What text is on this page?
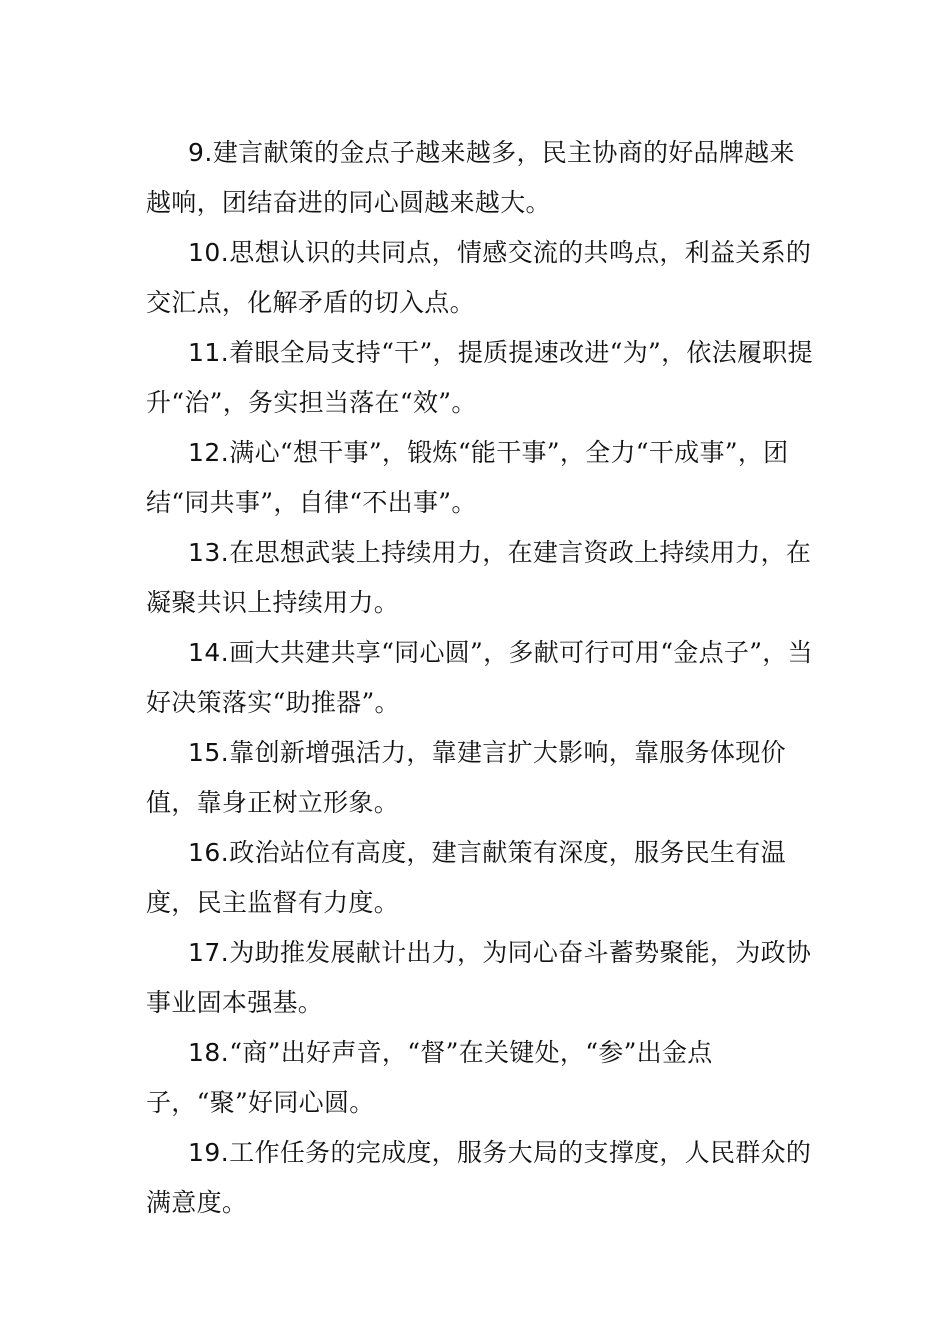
9.建言献策的金点子越来越多，民主协商的好品牌越来越响，团结奋进的同心圆越来越大。

10.思想认识的共同点，情感交流的共鸣点，利益关系的交汇点，化解矛盾的切入点。

11.着眼全局支持“干”，提质提速改进“为”，依法履职提升“治”，务实担当落在“效”。

12.满心“想干事”，锻炼“能干事”，全力“干成事”，团结“同共事”，自律“不出事”。

13.在思想武装上持续用力，在建言资政上持续用力，在凝聚共识上持续用力。

14.画大共建共享“同心圆”，多献可行可用“金点子”，当好决策落实“助推器”。

15.靠创新增强活力，靠建言扩大影响，靠服务体现价值，靠身正树立形象。

16.政治站位有高度，建言献策有深度，服务民生有温度，民主监督有力度。

17.为助推发展献计出力，为同心奋斗蓄势聚能，为政协事业固本强基。

18.“商”出好声音，“督”在关键处，“参”出金点子，“聚”好同心圆。

19.工作任务的完成度，服务大局的支撑度，人民群众的满意度。
